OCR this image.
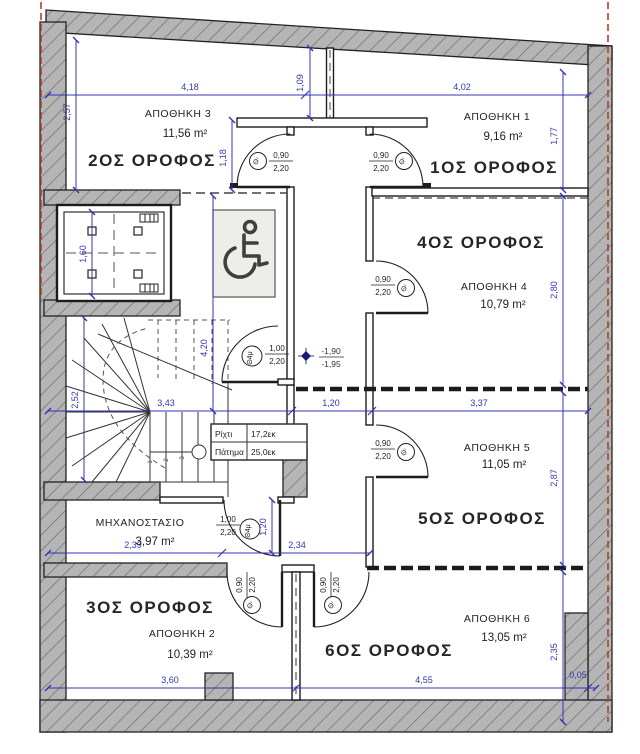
1
2
3
Θ'
0,90
2,20
Θ'
0,90
2,20
0,90
2,20 Θ'
0,90
2,20 Θ'
Θ4μ
1,00
2,20
1,00
2,20 Θ4μ
0,90 2,20
Θ'
0,90 2,20
Θ'
-1,90
-1,95
Ρίχτι 17,2εκ
Πάτημα 25,0εκ
4,18	4,02
1,09
2,57
1,18
1,77
2,80
2,87
2,35
1,60
2,52
4,20
3,43	1,20	3,37
2,39	2,34
1,20
3,60	4,55	0,05
ΑΠΟΘΗΚΗ 3
11,56 m²
2ΟΣ ΟΡΟΦΟΣ
ΑΠΟΘΗΚΗ 1
9,16 m²
1ΟΣ ΟΡΟΦΟΣ
4ΟΣ ΟΡΟΦΟΣ
ΑΠΟΘΗΚΗ 4
10,79 m²
ΑΠΟΘΗΚΗ 5
11,05 m²
5ΟΣ ΟΡΟΦΟΣ
ΜΗΧΑΝΟΣΤΑΣΙΟ
3,97 m²
3ΟΣ ΟΡΟΦΟΣ
ΑΠΟΘΗΚΗ 2
10,39 m²
ΑΠΟΘΗΚΗ 6
13,05 m²
6ΟΣ ΟΡΟΦΟΣ
